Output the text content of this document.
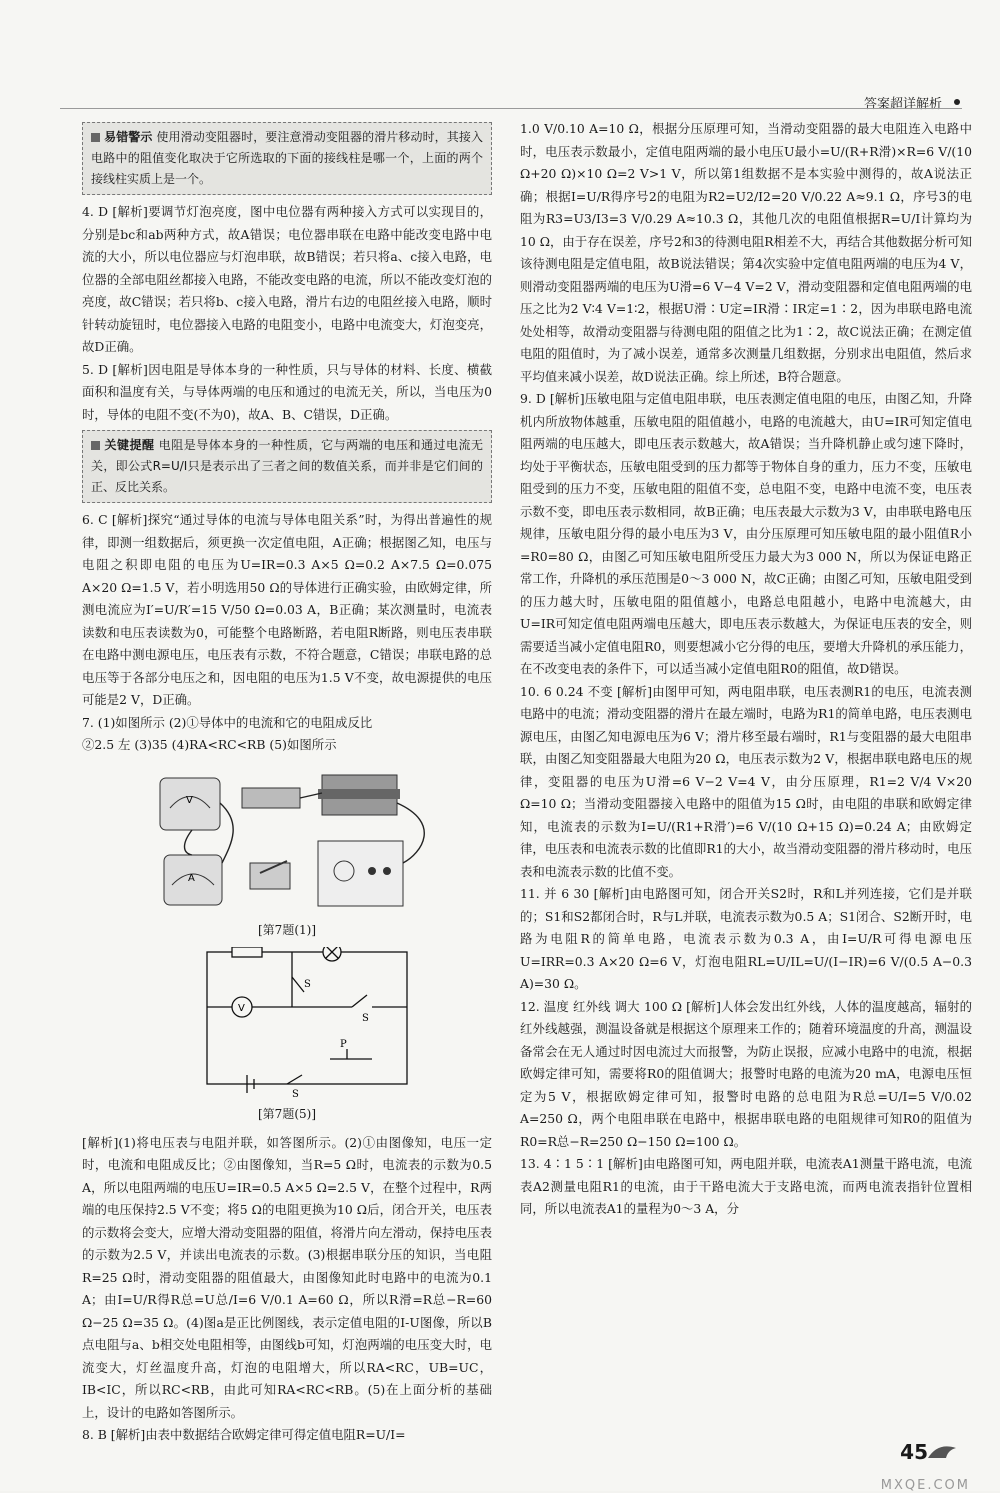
答案超详解析
易错警示 使用滑动变阻器时，要注意滑动变阻器的滑片移动时，其接入电路中的阻值变化取决于它所选取的下面的接线柱是哪一个，上面的两个接线柱实质上是一个。

4. D [解析]要调节灯泡亮度，图中电位器有两种接入方式可以实现目的，分别是bc和ab两种方式，故A错误；电位器串联在电路中能改变电路中电流的大小，所以电位器应与灯泡串联，故B错误；若只将a、c接入电路，电位器的全部电阻丝都接入电路，不能改变电路的电流，所以不能改变灯泡的亮度，故C错误；若只将b、c接入电路，滑片右边的电阻丝接入电路，顺时针转动旋钮时，电位器接入电路的电阻变小，电路中电流变大，灯泡变亮，故D正确。

5. D [解析]因电阻是导体本身的一种性质，只与导体的材料、长度、横截面积和温度有关，与导体两端的电压和通过的电流无关，所以，当电压为0时，导体的电阻不变(不为0)，故A、B、C错误，D正确。

关键提醒 电阻是导体本身的一种性质，它与两端的电压和通过电流无关，即公式R=U/I只是表示出了三者之间的数值关系，而并非是它们间的正、反比关系。

6. C [解析]探究“通过导体的电流与导体电阻关系”时，为得出普遍性的规律，即测一组数据后，须更换一次定值电阻，A正确；根据图乙知，电压与电阻之积即电阻的电压为U=IR=0.3 A×5 Ω=0.2 A×7.5 Ω=0.075 A×20 Ω=1.5 V，若小明选用50 Ω的导体进行正确实验，由欧姆定律，所测电流应为I′=U/R′=15 V/50 Ω=0.03 A，B正确；某次测量时，电流表读数和电压表读数为0，可能整个电路断路，若电阻R断路，则电压表串联在电路中测电源电压，电压表有示数，不符合题意，C错误；串联电路的总电压等于各部分电压之和，因电阻的电压为1.5 V不变，故电源提供的电压可能是2 V，D正确。

7. (1)如图所示 (2)①导体中的电流和它的电阻成反比

②2.5 左 (3)35 (4)RA<RC<RB (5)如图所示

V
A
[第7题(1)]
V
S
S
P
S
[第7题(5)]

[解析](1)将电压表与电阻并联，如答图所示。(2)①由图像知，电压一定时，电流和电阻成反比；②由图像知，当R=5 Ω时，电流表的示数为0.5 A，所以电阻两端的电压U=IR=0.5 A×5 Ω=2.5 V，在整个过程中，R两端的电压保持2.5 V不变；将5 Ω的电阻更换为10 Ω后，闭合开关，电压表的示数将会变大，应增大滑动变阻器的阻值，将滑片向左滑动，保持电压表的示数为2.5 V，并读出电流表的示数。(3)根据串联分压的知识，当电阻R=25 Ω时，滑动变阻器的阻值最大，由图像知此时电路中的电流为0.1 A；由I=U/R得R总=U总/I=6 V/0.1 A=60 Ω，所以R滑=R总−R=60 Ω−25 Ω=35 Ω。(4)图a是正比例图线，表示定值电阻的I-U图像，所以B点电阻与a、b相交处电阻相等，由图线b可知，灯泡两端的电压变大时，电流变大，灯丝温度升高，灯泡的电阻增大，所以RA<RC，UB=UC，IB<IC，所以RC<RB，由此可知RA<RC<RB。(5)在上面分析的基础上，设计的电路如答图所示。

8. B [解析]由表中数据结合欧姆定律可得定值电阻R=U/I=

1.0 V/0.10 A=10 Ω，根据分压原理可知，当滑动变阻器的最大电阻连入电路中时，电压表示数最小，定值电阻两端的最小电压U最小=U/(R+R滑)×R=6 V/(10 Ω+20 Ω)×10 Ω=2 V>1 V，所以第1组数据不是本实验中测得的，故A说法正确；根据I=U/R得序号2的电阻为R2=U2/I2=20 V/0.22 A≈9.1 Ω，序号3的电阻为R3=U3/I3=3 V/0.29 A≈10.3 Ω，其他几次的电阻值根据R=U/I计算均为10 Ω，由于存在误差，序号2和3的待测电阻R相差不大，再结合其他数据分析可知该待测电阻是定值电阻，故B说法错误；第4次实验中定值电阻两端的电压为4 V，则滑动变阻器两端的电压为U滑=6 V−4 V=2 V，滑动变阻器和定值电阻两端的电压之比为2 V∶4 V=1∶2，根据U滑∶U定=IR滑∶IR定=1∶2，因为串联电路电流处处相等，故滑动变阻器与待测电阻的阻值之比为1∶2，故C说法正确；在测定值电阻的阻值时，为了减小误差，通常多次测量几组数据，分别求出电阻值，然后求平均值来减小误差，故D说法正确。综上所述，B符合题意。

9. D [解析]压敏电阻与定值电阻串联，电压表测定值电阻的电压，由图乙知，升降机内所放物体越重，压敏电阻的阻值越小，电路的电流越大，由U=IR可知定值电阻两端的电压越大，即电压表示数越大，故A错误；当升降机静止或匀速下降时，均处于平衡状态，压敏电阻受到的压力都等于物体自身的重力，压力不变，压敏电阻受到的压力不变，压敏电阻的阻值不变，总电阻不变，电路中电流不变，电压表示数不变，即电压表示数相同，故B正确；电压表最大示数为3 V，由串联电路电压规律，压敏电阻分得的最小电压为3 V，由分压原理可知压敏电阻的最小阻值R小=R0=80 Ω，由图乙可知压敏电阻所受压力最大为3 000 N，所以为保证电路正常工作，升降机的承压范围是0～3 000 N，故C正确；由图乙可知，压敏电阻受到的压力越大时，压敏电阻的阻值越小，电路总电阻越小，电路中电流越大，由U=IR可知定值电阻两端电压越大，即电压表示数越大，为保证电压表的安全，则需要适当减小定值电阻R0，则要想减小它分得的电压，要增大升降机的承压能力，在不改变电表的条件下，可以适当减小定值电阻R0的阻值，故D错误。

10. 6 0.24 不变 [解析]由图甲可知，两电阻串联，电压表测R1的电压，电流表测电路中的电流；滑动变阻器的滑片在最左端时，电路为R1的简单电路，电压表测电源电压，由图乙知电源电压为6 V；滑片移至最右端时，R1与变阻器的最大电阻串联，由图乙知变阻器最大电阻为20 Ω，电压表示数为2 V，根据串联电路电压的规律，变阻器的电压为U滑=6 V−2 V=4 V，由分压原理，R1=2 V/4 V×20 Ω=10 Ω；当滑动变阻器接入电路中的阻值为15 Ω时，由电阻的串联和欧姆定律知，电流表的示数为I=U/(R1+R滑′)=6 V/(10 Ω+15 Ω)=0.24 A；由欧姆定律，电压表和电流表示数的比值即R1的大小，故当滑动变阻器的滑片移动时，电压表和电流表示数的比值不变。

11. 并 6 30 [解析]由电路图可知，闭合开关S2时，R和L并列连接，它们是并联的；S1和S2都闭合时，R与L并联，电流表示数为0.5 A；S1闭合、S2断开时，电路为电阻R的简单电路，电流表示数为0.3 A，由I=U/R可得电源电压U=IRR=0.3 A×20 Ω=6 V，灯泡电阻RL=U/IL=U/(I−IR)=6 V/(0.5 A−0.3 A)=30 Ω。

12. 温度 红外线 调大 100 Ω [解析]人体会发出红外线，人体的温度越高，辐射的红外线越强，测温设备就是根据这个原理来工作的；随着环境温度的升高，测温设备常会在无人通过时因电流过大而报警，为防止误报，应减小电路中的电流，根据欧姆定律可知，需要将R0的阻值调大；报警时电路的电流为20 mA，电源电压恒定为5 V，根据欧姆定律可知，报警时电路的总电阻为R总=U/I=5 V/0.02 A=250 Ω，两个电阻串联在电路中，根据串联电路的电阻规律可知R0的阻值为R0=R总−R=250 Ω−150 Ω=100 Ω。

13. 4∶1 5∶1 [解析]由电路图可知，两电阻并联，电流表A1测量干路电流，电流表A2测量电阻R1的电流，由于干路电流大于支路电流，而两电流表指针位置相同，所以电流表A1的量程为0～3 A，分

45
MXQE.COM
